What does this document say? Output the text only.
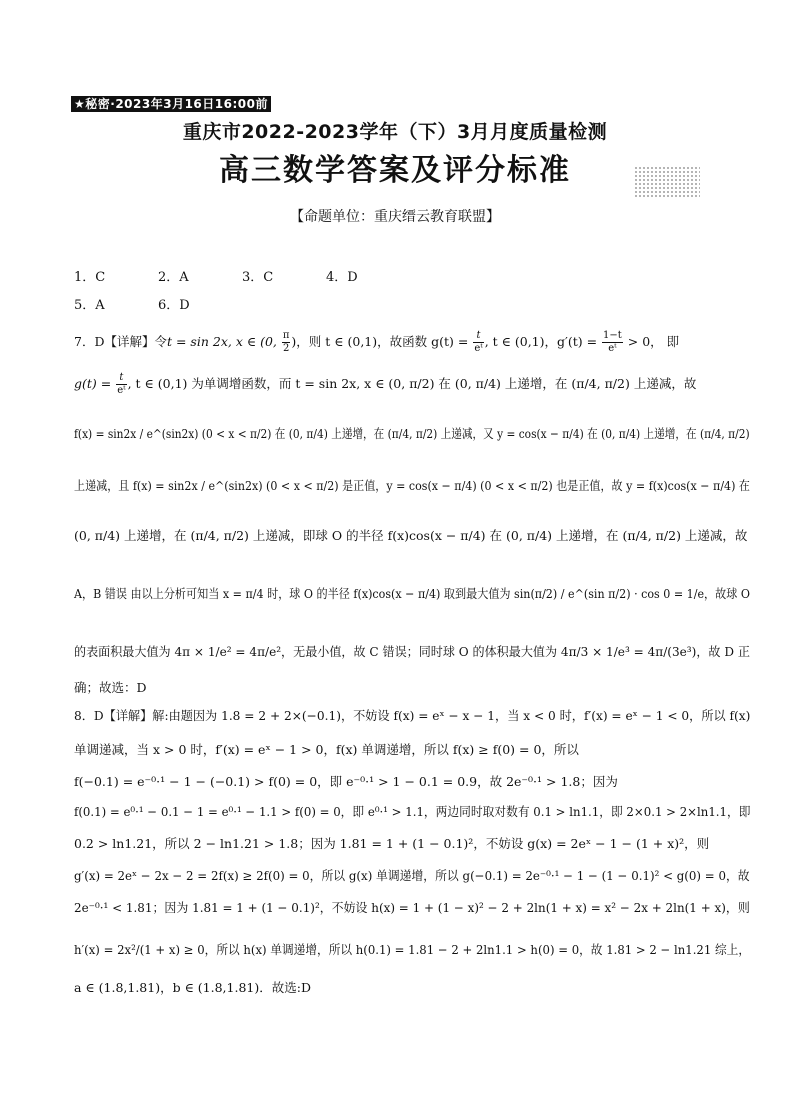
★秘密·2023年3月16日16:00前
重庆市2022-2023学年（下）3月月度质量检测
高三数学答案及评分标准
【命题单位：重庆缙云教育联盟】
1．C	2．A	3．C	4．D
5．A	6．D
7．D【详解】令t = sin 2x, x ∈ (0, $\frac{\pi}{2}$ )，则 t ∈ (0,1)，故函数 $g(t) = \frac{t}{\text{eᵗ}}$ , t ∈ (0,1)，$g'(t) = \frac{1-t}{\text{eᵗ}} > 0$， 即
$g(t) = \frac{t}{\text{eᵗ}}$ , t ∈ (0,1) 为单调增函数，而 t = sin 2x, x ∈ (0, π/2) 在 (0, π/4) 上递增，在 (π/4, π/2) 上递减，故
f(x) = sin2x / e^(sin2x) (0 < x < π/2) 在 (0, π/4) 上递增，在 (π/4, π/2) 上递减，又 y = cos(x − π/4) 在 (0, π/4) 上递增，在 (π/4, π/2)
上递减，且 f(x) = sin2x / e^(sin2x) (0 < x < π/2) 是正值，y = cos(x − π/4) (0 < x < π/2) 也是正值，故 y = f(x)cos(x − π/4) 在
(0, π/4) 上递增，在 (π/4, π/2) 上递减，即球 O 的半径 f(x)cos(x − π/4) 在 (0, π/4) 上递增，在 (π/4, π/2) 上递减，故
A，B 错误 由以上分析可知当 x = π/4 时，球 O 的半径 f(x)cos(x − π/4) 取到最大值为 sin(π/2) / e^(sin π/2) · cos 0 = 1/e，故球 O
的表面积最大值为 4π × 1/e² = 4π/e²，无最小值，故 C 错误；同时球 O 的体积最大值为 4π/3 × 1/e³ = 4π/(3e³)，故 D 正
确；故选：D
8．D【详解】解:由题因为 1.8 = 2 + 2×(−0.1)，不妨设 f(x) = eˣ − x − 1，当 x < 0 时，f′(x) = eˣ − 1 < 0，所以 f(x)
单调递减，当 x > 0 时，f′(x) = eˣ − 1 > 0，f(x) 单调递增，所以 f(x) ≥ f(0) = 0，所以
f(−0.1) = e⁻⁰·¹ − 1 − (−0.1) > f(0) = 0，即 e⁻⁰·¹ > 1 − 0.1 = 0.9，故 2e⁻⁰·¹ > 1.8；因为
f(0.1) = e⁰·¹ − 0.1 − 1 = e⁰·¹ − 1.1 > f(0) = 0，即 e⁰·¹ > 1.1，两边同时取对数有 0.1 > ln1.1，即 2×0.1 > 2×ln1.1，即
0.2 > ln1.21，所以 2 − ln1.21 > 1.8；因为 1.81 = 1 + (1 − 0.1)²，不妨设 g(x) = 2eˣ − 1 − (1 + x)²，则
g′(x) = 2eˣ − 2x − 2 = 2f(x) ≥ 2f(0) = 0，所以 g(x) 单调递增，所以 g(−0.1) = 2e⁻⁰·¹ − 1 − (1 − 0.1)² < g(0) = 0，故
2e⁻⁰·¹ < 1.81；因为 1.81 = 1 + (1 − 0.1)²，不妨设 h(x) = 1 + (1 − x)² − 2 + 2ln(1 + x) = x² − 2x + 2ln(1 + x)，则
h′(x) = 2x²/(1 + x) ≥ 0，所以 h(x) 单调递增，所以 h(0.1) = 1.81 − 2 + 2ln1.1 > h(0) = 0，故 1.81 > 2 − ln1.21 综上，
a ∈ (1.8,1.81)，b ∈ (1.8,1.81)．故选:D
